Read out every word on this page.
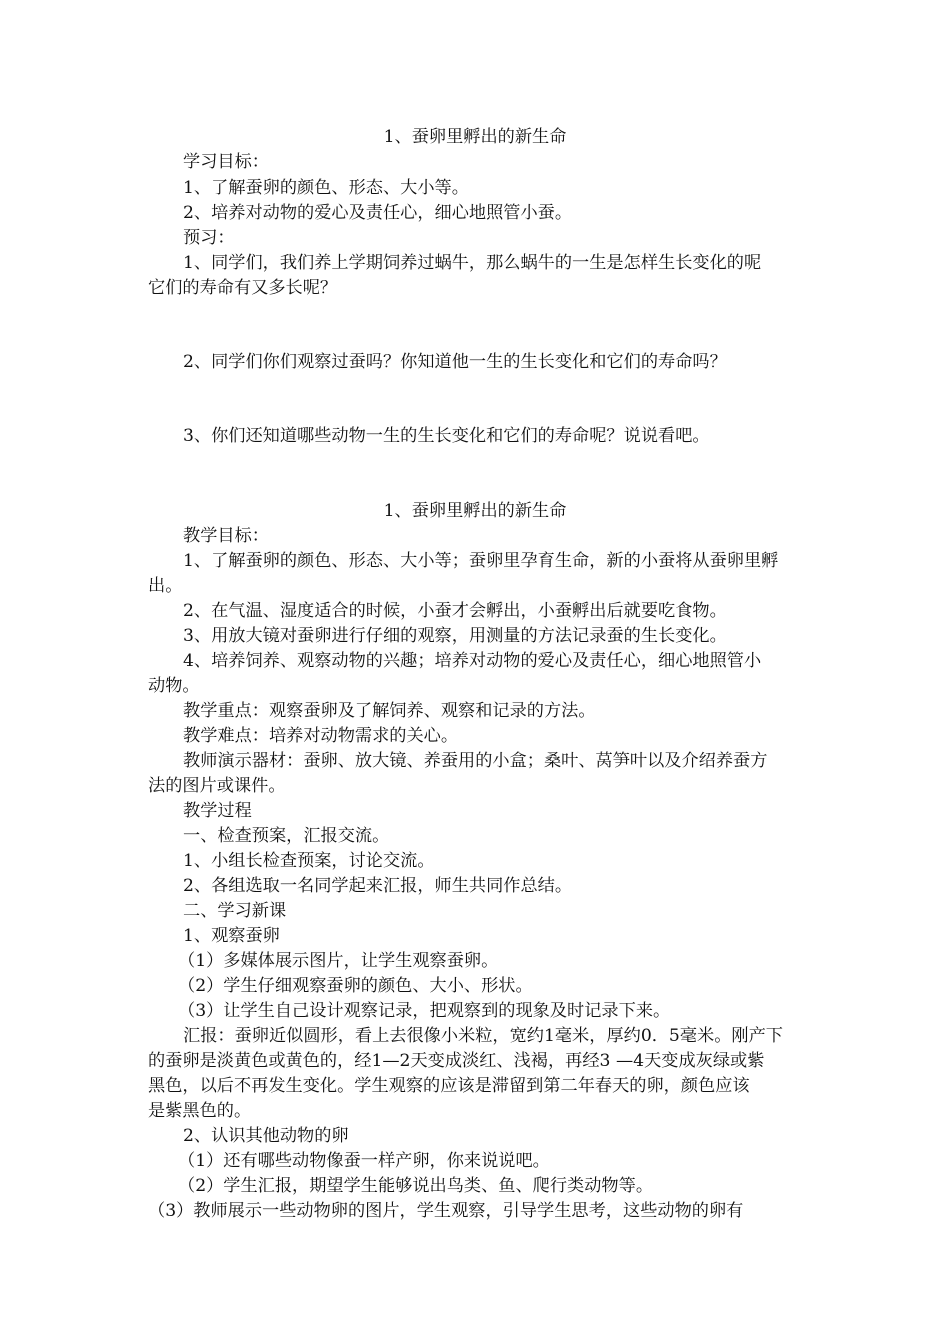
1、蚕卵里孵出的新生命
学习目标：
1、了解蚕卵的颜色、形态、大小等。
2、培养对动物的爱心及责任心，细心地照管小蚕。
预习：
1、同学们，我们养上学期饲养过蜗牛，那么蜗牛的一生是怎样生长变化的呢
它们的寿命有又多长呢？
2、同学们你们观察过蚕吗？你知道他一生的生长变化和它们的寿命吗？
3、你们还知道哪些动物一生的生长变化和它们的寿命呢？说说看吧。
1、蚕卵里孵出的新生命
教学目标：
1、了解蚕卵的颜色、形态、大小等；蚕卵里孕育生命，新的小蚕将从蚕卵里孵
出。
2、在气温、湿度适合的时候，小蚕才会孵出，小蚕孵出后就要吃食物。
3、用放大镜对蚕卵进行仔细的观察，用测量的方法记录蚕的生长变化。
4、培养饲养、观察动物的兴趣；培养对动物的爱心及责任心，细心地照管小
动物。
教学重点：观察蚕卵及了解饲养、观察和记录的方法。
教学难点：培养对动物需求的关心。
教师演示器材：蚕卵、放大镜、养蚕用的小盒；桑叶、莴笋叶以及介绍养蚕方
法的图片或课件。
教学过程
一、检查预案，汇报交流。
1、小组长检查预案，讨论交流。
2、各组选取一名同学起来汇报，师生共同作总结。
二、学习新课
1、观察蚕卵
（1）多媒体展示图片，让学生观察蚕卵。
（2）学生仔细观察蚕卵的颜色、大小、形状。
（3）让学生自己设计观察记录，把观察到的现象及时记录下来。
汇报：蚕卵近似圆形，看上去很像小米粒，宽约1毫米，厚约0．5毫米。刚产下
的蚕卵是淡黄色或黄色的，经1—2天变成淡红、浅褐，再经3 —4天变成灰绿或紫
黑色，以后不再发生变化。学生观察的应该是滞留到第二年春天的卵，颜色应该
是紫黑色的。
2、认识其他动物的卵
（1）还有哪些动物像蚕一样产卵，你来说说吧。
（2）学生汇报，期望学生能够说出鸟类、鱼、爬行类动物等。
（3）教师展示一些动物卵的图片，学生观察，引导学生思考，这些动物的卵有
